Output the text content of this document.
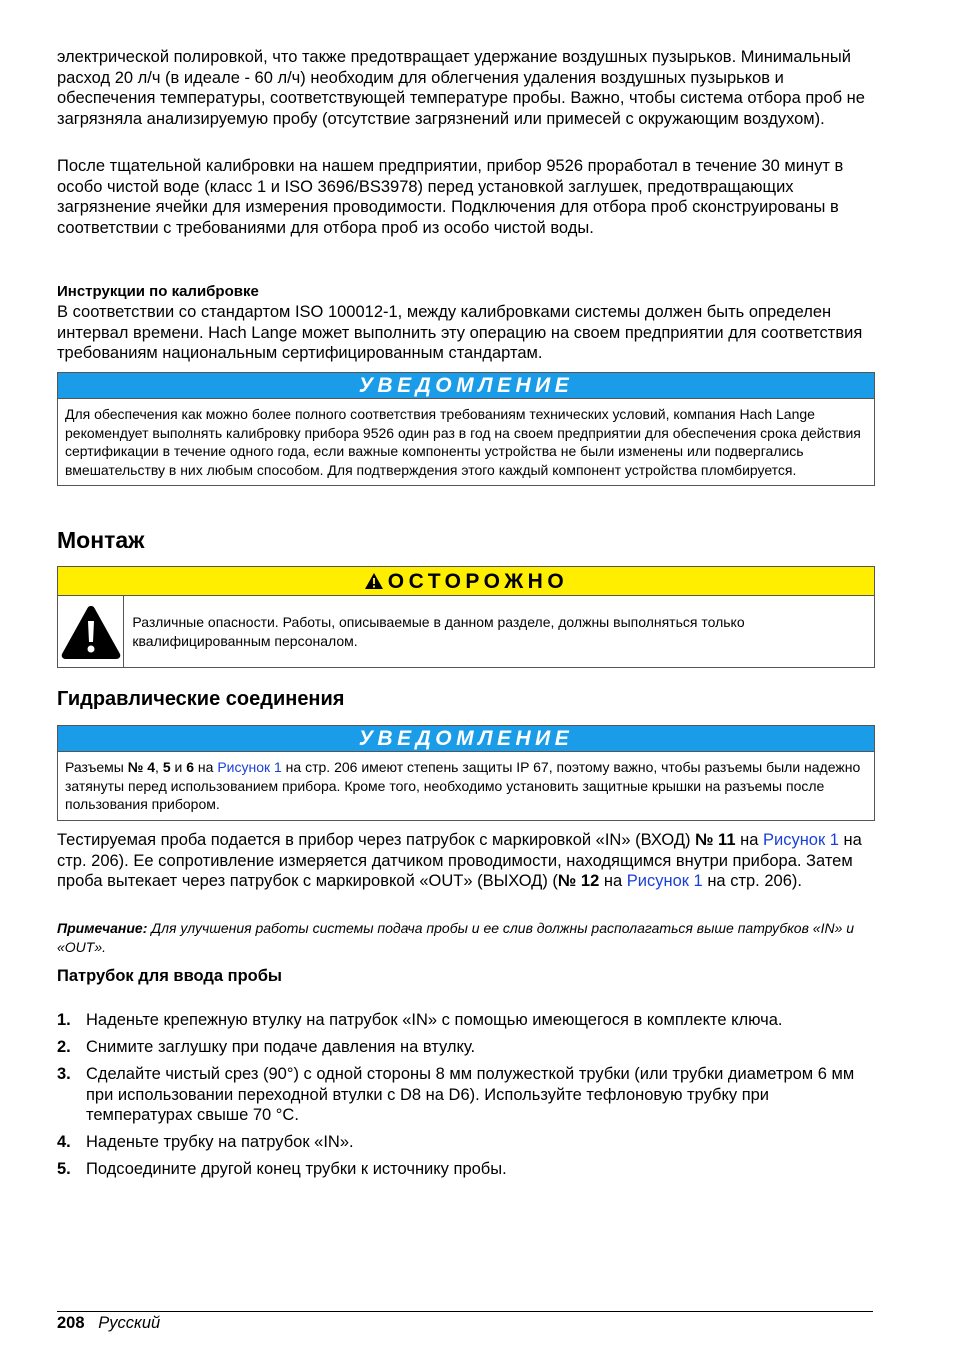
электрической полировкой, что также предотвращает удержание воздушных пузырьков. Минимальный расход 20 л/ч (в идеале - 60 л/ч) необходим для облегчения удаления воздушных пузырьков и обеспечения температуры, соответствующей температуре пробы. Важно, чтобы система отбора проб не загрязняла анализируемую пробу (отсутствие загрязнений или примесей с окружающим воздухом).

После тщательной калибровки на нашем предприятии, прибор 9526 проработал в течение 30 минут в особо чистой воде (класс 1 и ISO 3696/BS3978) перед установкой заглушек, предотвращающих загрязнение ячейки для измерения проводимости. Подключения для отбора проб сконструированы в соответствии с требованиями для отбора проб из особо чистой воды.

Инструкции по калибровке

В соответствии со стандартом ISO 100012-1, между калибровками системы должен быть определен интервал времени. Hach Lange может выполнить эту операцию на своем предприятии для соответствия требованиям национальным сертифицированным стандартам.

УВЕДОМЛЕНИЕ
Для обеспечения как можно более полного соответствия требованиям технических условий, компания Hach Lange рекомендует выполнять калибровку прибора 9526 один раз в год на своем предприятии для обеспечения срока действия сертификации в течение одного года, если важные компоненты устройства не были изменены или подвергались вмешательству в них любым способом. Для подтверждения этого каждый компонент устройства пломбируется.
Монтаж
ОСТОРОЖНО
Различные опасности. Работы, описываемые в данном разделе, должны выполняться только квалифицированным персоналом.
Гидравлические соединения
УВЕДОМЛЕНИЕ
Разъемы № 4, 5 и 6 на Рисунок 1 на стр. 206 имеют степень защиты IP 67, поэтому важно, чтобы разъемы были надежно затянуты перед использованием прибора. Кроме того, необходимо установить защитные крышки на разъемы после пользования прибором.

Тестируемая проба подается в прибор через патрубок с маркировкой «IN» (ВХОД) № 11 на Рисунок 1 на стр. 206). Ее сопротивление измеряется датчиком проводимости, находящимся внутри прибора. Затем проба вытекает через патрубок с маркировкой «OUT» (ВЫХОД) (№ 12 на Рисунок 1 на стр. 206).

Примечание: Для улучшения работы системы подача пробы и ее слив должны располагаться выше патрубков «IN» и «OUT».
Патрубок для ввода пробы
1. Наденьте крепежную втулку на патрубок «IN» с помощью имеющегося в комплекте ключа.
2. Снимите заглушку при подаче давления на втулку.
3. Сделайте чистый срез (90°) с одной стороны 8 мм полужесткой трубки (или трубки диаметром 6 мм при использовании переходной втулки с D8 на D6). Используйте тефлоновую трубку при температурах свыше 70 °C.
4. Наденьте трубку на патрубок «IN».
5. Подсоедините другой конец трубки к источнику пробы.
208 Русский
